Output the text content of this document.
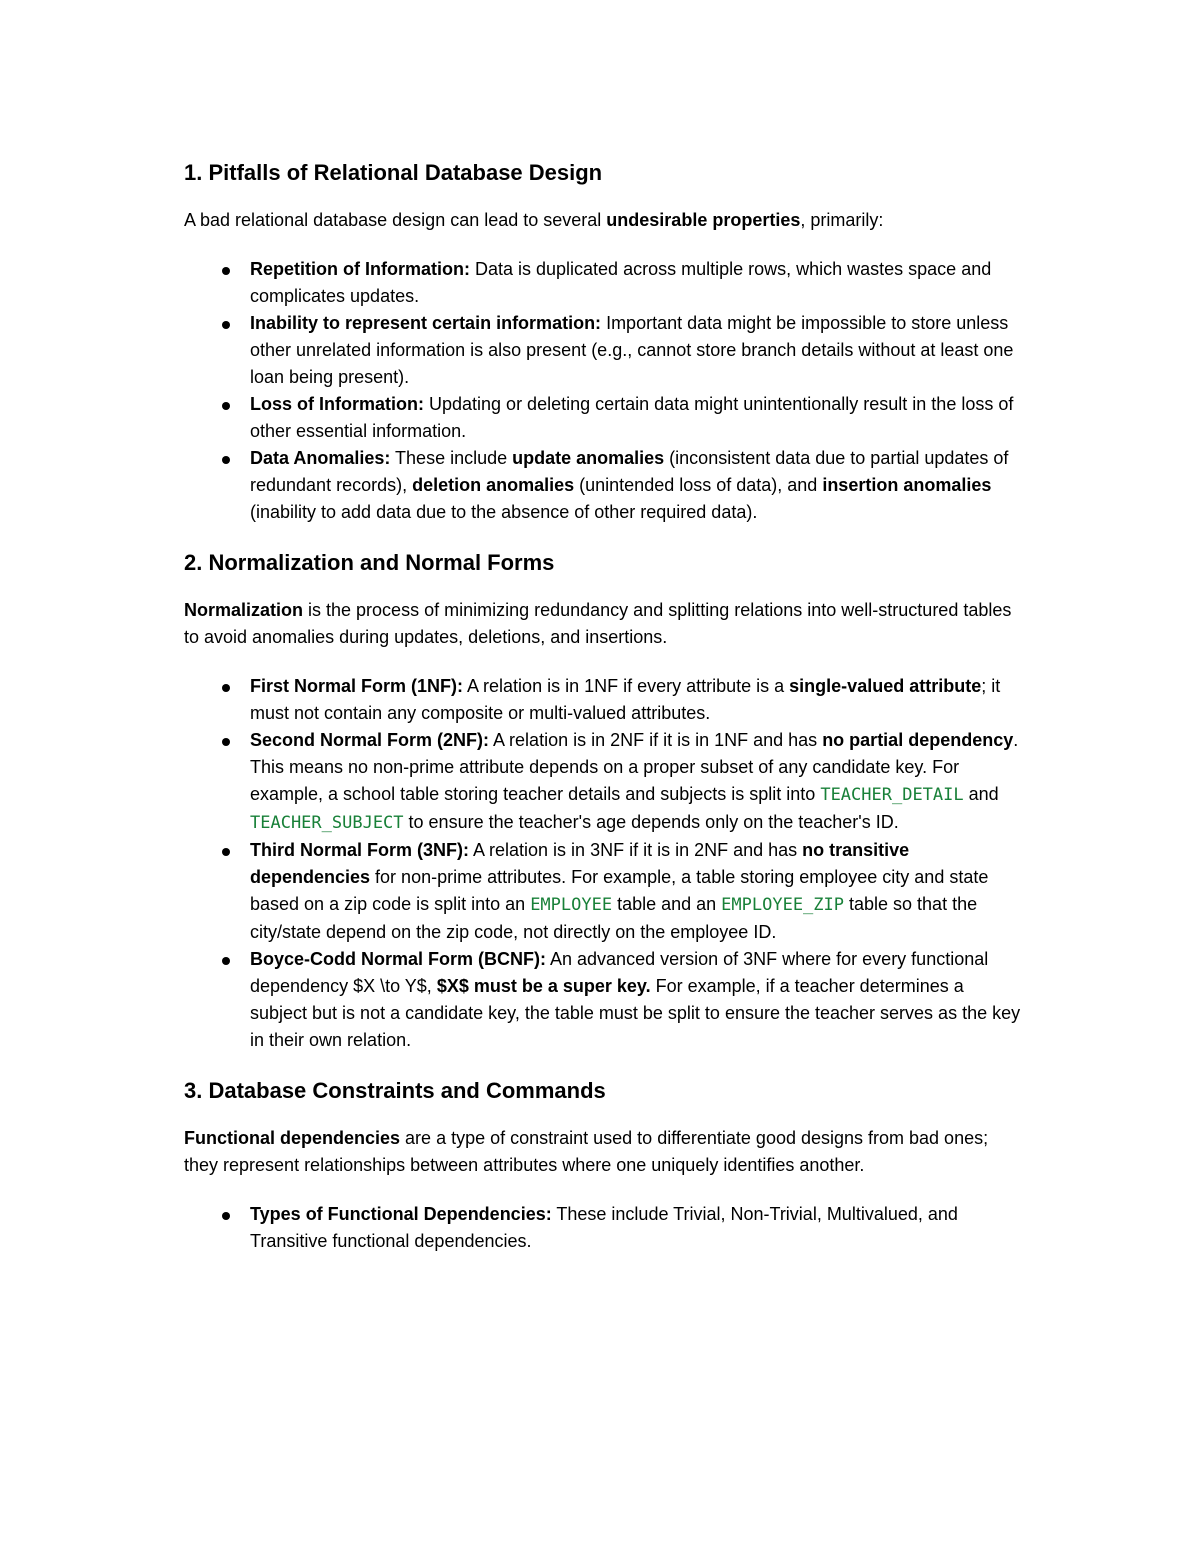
1. Pitfalls of Relational Database Design

A bad relational database design can lead to several undesirable properties, primarily:

Repetition of Information: Data is duplicated across multiple rows, which wastes space and complicates updates.
Inability to represent certain information: Important data might be impossible to store unless other unrelated information is also present (e.g., cannot store branch details without at least one loan being present).
Loss of Information: Updating or deleting certain data might unintentionally result in the loss of other essential information.
Data Anomalies: These include update anomalies (inconsistent data due to partial updates of redundant records), deletion anomalies (unintended loss of data), and insertion anomalies (inability to add data due to the absence of other required data).
2. Normalization and Normal Forms

Normalization is the process of minimizing redundancy and splitting relations into well-structured tables to avoid anomalies during updates, deletions, and insertions.

First Normal Form (1NF): A relation is in 1NF if every attribute is a single-valued attribute; it must not contain any composite or multi-valued attributes.
Second Normal Form (2NF): A relation is in 2NF if it is in 1NF and has no partial dependency. This means no non-prime attribute depends on a proper subset of any candidate key. For example, a school table storing teacher details and subjects is split into TEACHER_DETAIL and TEACHER_SUBJECT to ensure the teacher's age depends only on the teacher's ID.
Third Normal Form (3NF): A relation is in 3NF if it is in 2NF and has no transitive dependencies for non-prime attributes. For example, a table storing employee city and state based on a zip code is split into an EMPLOYEE table and an EMPLOYEE_ZIP table so that the city/state depend on the zip code, not directly on the employee ID.
Boyce-Codd Normal Form (BCNF): An advanced version of 3NF where for every functional dependency $X \to Y$, $X$ must be a super key. For example, if a teacher determines a subject but is not a candidate key, the table must be split to ensure the teacher serves as the key in their own relation.
3. Database Constraints and Commands

Functional dependencies are a type of constraint used to differentiate good designs from bad ones; they represent relationships between attributes where one uniquely identifies another.

Types of Functional Dependencies: These include Trivial, Non-Trivial, Multivalued, and Transitive functional dependencies.
